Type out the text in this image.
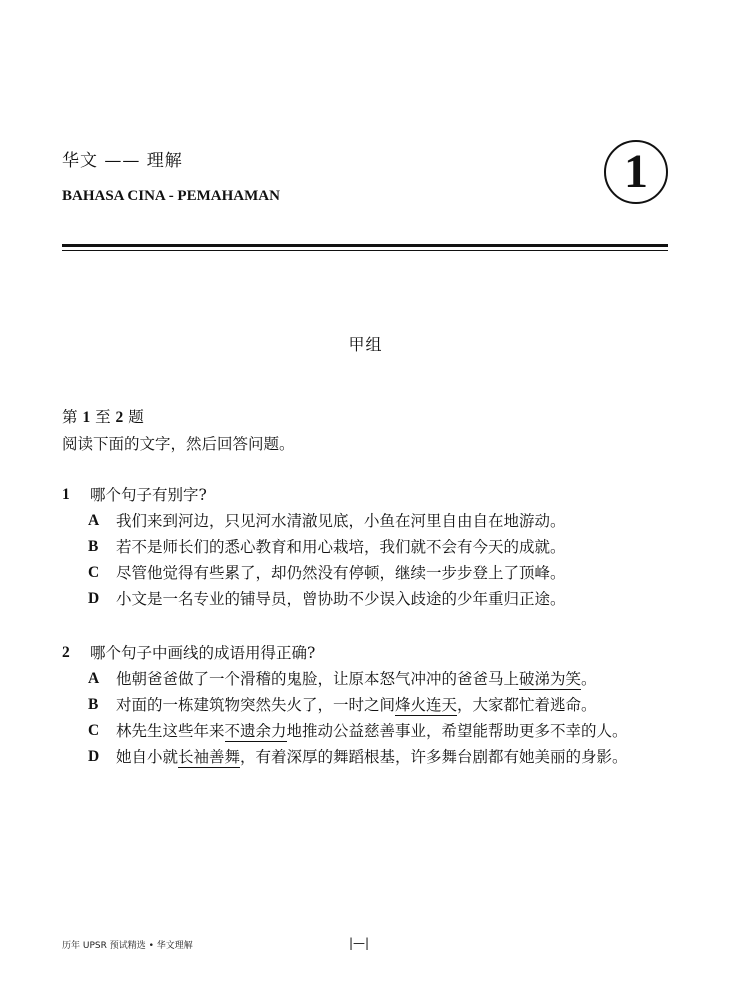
华文 —— 理解
BAHASA CINA - PEMAHAMAN	1
甲组
第 1 至 2 题
阅读下面的文字，然后回答问题。
1 哪个句子有别字?
A 我们来到河边，只见河水清澈见底，小鱼在河里自由自在地游动。
B 若不是师长们的悉心教育和用心栽培，我们就不会有今天的成就。
C 尽管他觉得有些累了，却仍然没有停顿，继续一步步登上了顶峰。
D 小文是一名专业的铺导员，曾协助不少误入歧途的少年重归正途。
2 哪个句子中画线的成语用得正确?
A 他朝爸爸做了一个滑稽的鬼脸，让原本怒气冲冲的爸爸马上破涕为笑。
B 对面的一栋建筑物突然失火了，一时之间烽火连天，大家都忙着逃命。
C 林先生这些年来不遗余力地推动公益慈善事业，希望能帮助更多不幸的人。
D 她自小就长袖善舞，有着深厚的舞蹈根基，许多舞台剧都有她美丽的身影。
历年 UPSR 预试精选 • 华文理解	|—|
